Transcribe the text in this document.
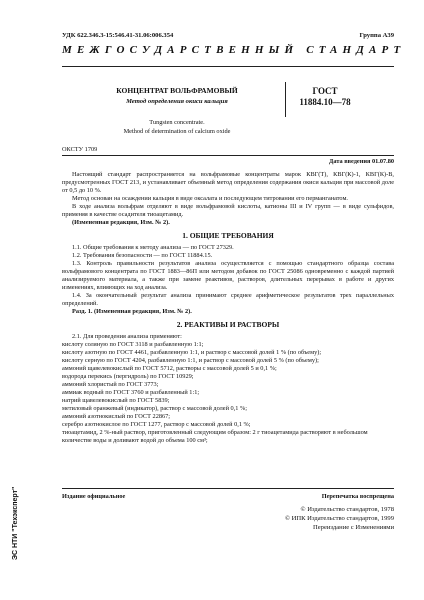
УДК 622.346.3-15:546.41-31.06:006.354	Группа А39
МЕЖГОСУДАРСТВЕННЫЙ СТАНДАРТ
КОНЦЕНТРАТ ВОЛЬФРАМОВЫЙ
Метод определения окиси кальция
Tungsten concentrate.
Method of determination of calcium oxide
ГОСТ
11884.10—78
ОКСТУ 1709
Дата введения 01.07.80

Настоящий стандарт распространяется на вольфрамовые концентраты марок КВГ(Т), КВГ(К)-1, КВГ(К)-В, предусмотренных ГОСТ 213, и устанавливает объемный метод определения содержания окиси кальция при массовой доле от 0,5 до 10 %.

Метод основан на осаждении кальция в виде оксалата и последующем титровании его перманганатом.

В ходе анализа вольфрам отделяют в виде вольфрамовой кислоты, катионы III и IV групп — в виде сульфидов, применяя в качестве осадителя тиоацетамид.

(Измененная редакция, Изм. № 2).

1. ОБЩИЕ ТРЕБОВАНИЯ

1.1. Общие требования к методу анализа — по ГОСТ 27329.

1.2. Требования безопасности — по ГОСТ 11884.15.

1.3. Контроль правильности результатов анализа осуществляется с помощью стандартного образца состава вольфрамового концентрата по ГОСТ 1883—86П или методом добавок по ГОСТ 25086 одновременно с каждой партией анализируемого материала, а также при замене реактивов, растворов, длительных перерывах в работе и других изменениях, влияющих на ход анализа.

1.4. За окончательный результат анализа принимают среднее арифметическое результатов трех параллельных определений.

Разд. 1. (Измененная редакция, Изм. № 2).

2. РЕАКТИВЫ И РАСТВОРЫ

2.1. Для проведения анализа применяют:

кислоту соляную по ГОСТ 3118 и разбавленную 1:1;

кислоту азотную по ГОСТ 4461, разбавленную 1:1, и раствор с массовой долей 1 % (по объему);

кислоту серную по ГОСТ 4204, разбавленную 1:1, и раствор с массовой долей 5 % (по объему);

аммоний щавелевокислый по ГОСТ 5712, растворы с массовой долей 5 и 0,1 %;

водорода перекись (пергидроль) по ГОСТ 10929;

аммоний хлористый по ГОСТ 3773;

аммиак водный по ГОСТ 3760 и разбавленный 1:1;

натрий щавелевокислый по ГОСТ 5839;

метиловый оранжевый (индикатор), раствор с массовой долей 0,1 %;

аммоний азотнокислый по ГОСТ 22867;

серебро азотнокислое по ГОСТ 1277, раствор с массовой долей 0,1 %;

тиоацетамид, 2 %-ный раствор, приготовленный следующим образом: 2 г тиоацетамида растворяют в небольшом количестве воды и доливают водой до объема 100 см³;

Издание официальное	Перепечатка воспрещена
© Издательство стандартов, 1978
© ИПК Издательство стандартов, 1999
Переиздание с Изменениями
ЭС НТИ "Техэксперт"
